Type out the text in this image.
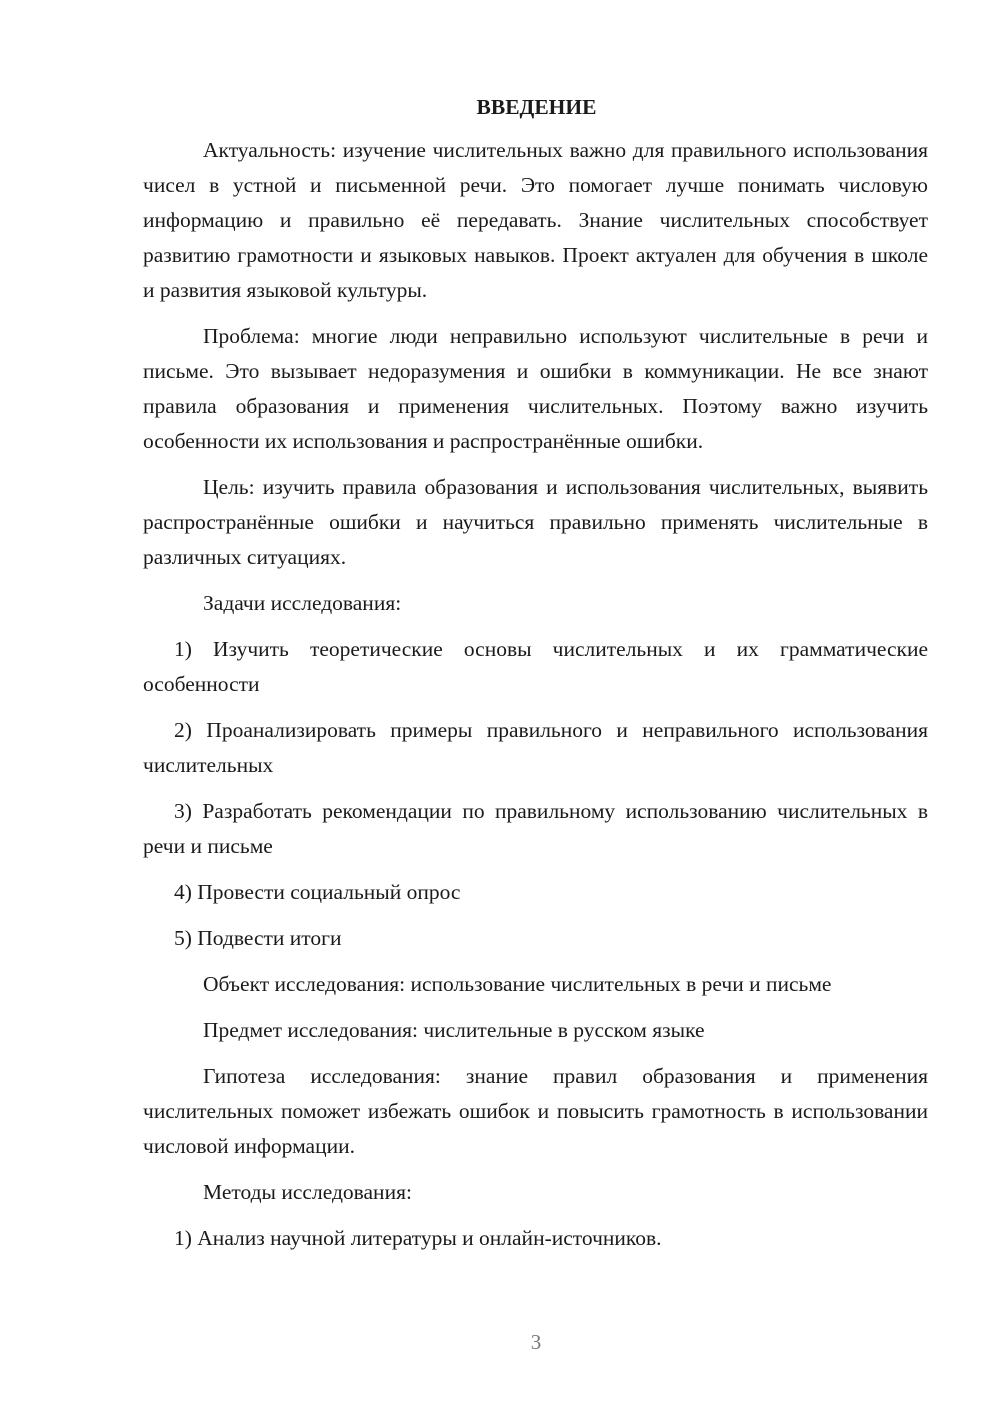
ВВЕДЕНИЕ

Актуальность: изучение числительных важно для правильного использования чисел в устной и письменной речи. Это помогает лучше понимать числовую информацию и правильно её передавать. Знание числительных способствует развитию грамотности и языковых навыков. Проект актуален для обучения в школе и развития языковой культуры.

Проблема: многие люди неправильно используют числительные в речи и письме. Это вызывает недоразумения и ошибки в коммуникации. Не все знают правила образования и применения числительных. Поэтому важно изучить особенности их использования и распространённые ошибки.

Цель: изучить правила образования и использования числительных, выявить распространённые ошибки и научиться правильно применять числительные в различных ситуациях.

Задачи исследования:

1) Изучить теоретические основы числительных и их грамматические особенности

2) Проанализировать примеры правильного и неправильного использования числительных

3) Разработать рекомендации по правильному использованию числительных в речи и письме

4) Провести социальный опрос

5) Подвести итоги

Объект исследования: использование числительных в речи и письме

Предмет исследования: числительные в русском языке

Гипотеза исследования: знание правил образования и применения числительных поможет избежать ошибок и повысить грамотность в использовании числовой информации.

Методы исследования:

1) Анализ научной литературы и онлайн-источников.

3
